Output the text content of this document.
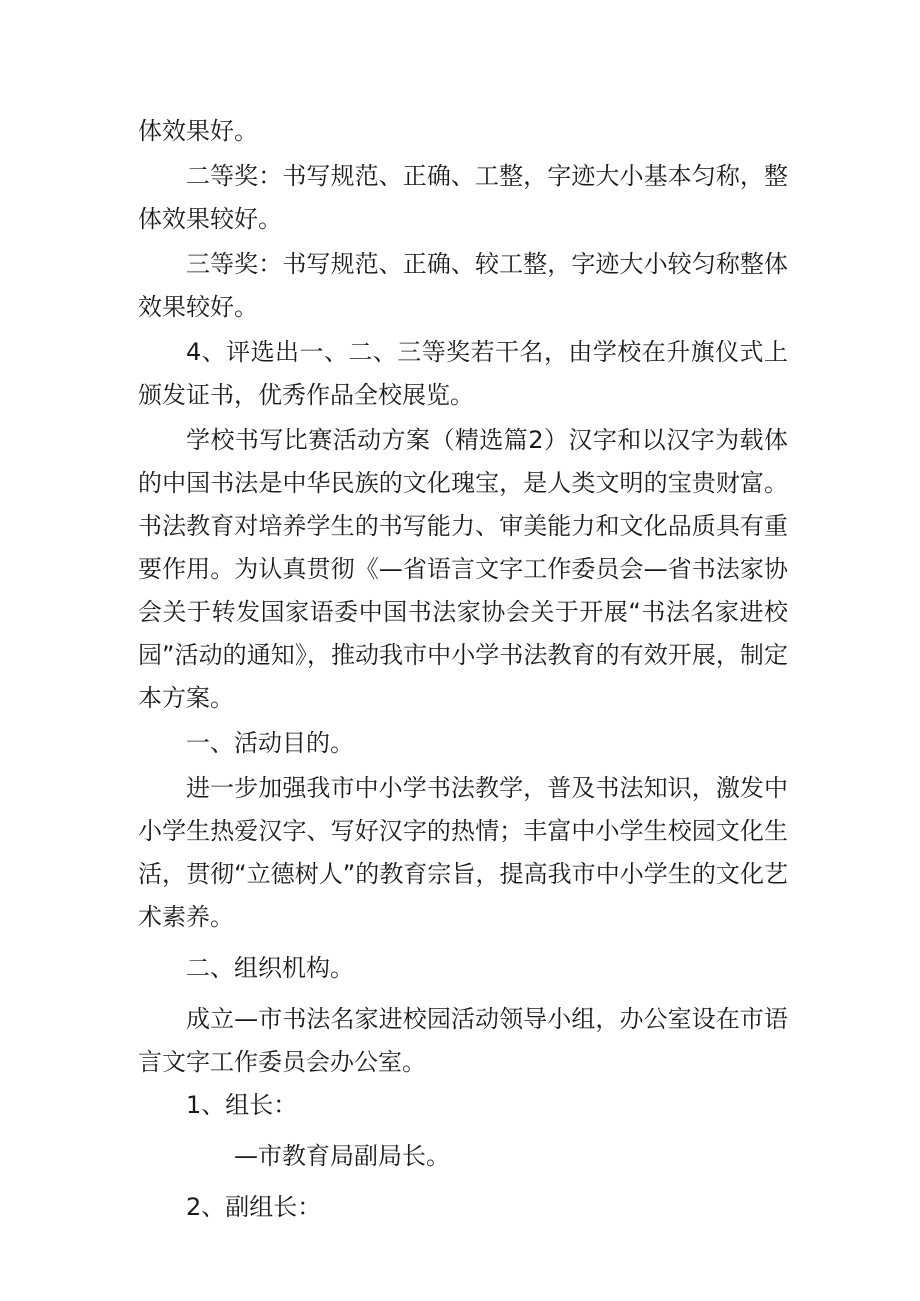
体效果好。

二等奖：书写规范、正确、工整，字迹大小基本匀称，整体效果较好。

三等奖：书写规范、正确、较工整，字迹大小较匀称整体效果较好。

4、评选出一、二、三等奖若干名，由学校在升旗仪式上颁发证书，优秀作品全校展览。

学校书写比赛活动方案（精选篇2）汉字和以汉字为载体的中国书法是中华民族的文化瑰宝，是人类文明的宝贵财富。书法教育对培养学生的书写能力、审美能力和文化品质具有重要作用。为认真贯彻《—省语言文字工作委员会—省书法家协会关于转发国家语委中国书法家协会关于开展“书法名家进校园”活动的通知》，推动我市中小学书法教育的有效开展，制定本方案。

一、活动目的。

进一步加强我市中小学书法教学，普及书法知识，激发中小学生热爱汉字、写好汉字的热情；丰富中小学生校园文化生活，贯彻“立德树人”的教育宗旨，提高我市中小学生的文化艺术素养。

二、组织机构。

成立—市书法名家进校园活动领导小组，办公室设在市语言文字工作委员会办公室。

1、组长：

—市教育局副局长。

2、副组长：
